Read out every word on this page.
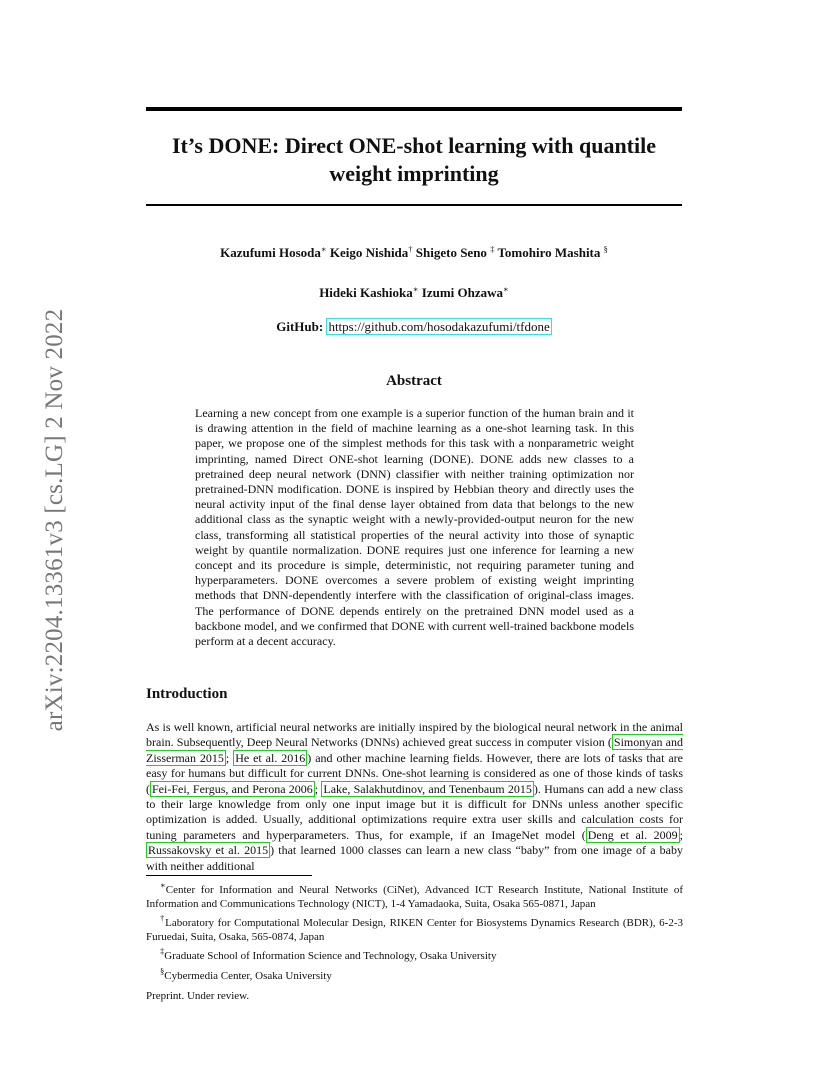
arXiv:2204.13361v3 [cs.LG] 2 Nov 2022
It’s DONE: Direct ONE-shot learning with quantile
weight imprinting
Kazufumi Hosoda∗ Keigo Nishida† Shigeto Seno ‡ Tomohiro Mashita §
Hideki Kashioka∗ Izumi Ohzawa∗
GitHub: https://github.com/hosodakazufumi/tfdone
Abstract

Learning a new concept from one example is a superior function of the human brain and it is drawing attention in the field of machine learning as a one-shot learning task. In this paper, we propose one of the simplest methods for this task with a nonparametric weight imprinting, named Direct ONE-shot learning (DONE). DONE adds new classes to a pretrained deep neural network (DNN) classifier with neither training optimization nor pretrained-DNN modification. DONE is inspired by Hebbian theory and directly uses the neural activity input of the final dense layer obtained from data that belongs to the new additional class as the synaptic weight with a newly-provided-output neuron for the new class, transforming all statistical properties of the neural activity into those of synaptic weight by quantile normalization. DONE requires just one inference for learning a new concept and its procedure is simple, deterministic, not requiring parameter tuning and hyperparameters. DONE overcomes a severe problem of existing weight imprinting methods that DNN-dependently interfere with the classification of original-class images. The performance of DONE depends entirely on the pretrained DNN model used as a backbone model, and we confirmed that DONE with current well-trained backbone models perform at a decent accuracy.

Introduction

As is well known, artificial neural networks are initially inspired by the biological neural network in the animal brain. Subsequently, Deep Neural Networks (DNNs) achieved great success in computer vision ( Simonyan and Zisserman 2015 ; He et al. 2016 ) and other machine learning fields. However, there are lots of tasks that are easy for humans but difficult for current DNNs. One-shot learning is considered as one of those kinds of tasks ( Fei-Fei, Fergus, and Perona 2006 ; Lake, Salakhutdinov, and Tenenbaum 2015 ). Humans can add a new class to their large knowledge from only one input image but it is difficult for DNNs unless another specific optimization is added. Usually, additional optimizations require extra user skills and calculation costs for tuning parameters and hyperparameters. Thus, for example, if an ImageNet model ( Deng et al. 2009 ; Russakovsky et al. 2015 ) that learned 1000 classes can learn a new class “baby” from one image of a baby with neither additional

∗Center for Information and Neural Networks (CiNet), Advanced ICT Research Institute, National Institute of Information and Communications Technology (NICT), 1-4 Yamadaoka, Suita, Osaka 565-0871, Japan

†Laboratory for Computational Molecular Design, RIKEN Center for Biosystems Dynamics Research (BDR), 6-2-3 Furuedai, Suita, Osaka, 565-0874, Japan

‡Graduate School of Information Science and Technology, Osaka University

§Cybermedia Center, Osaka University

Preprint. Under review.
